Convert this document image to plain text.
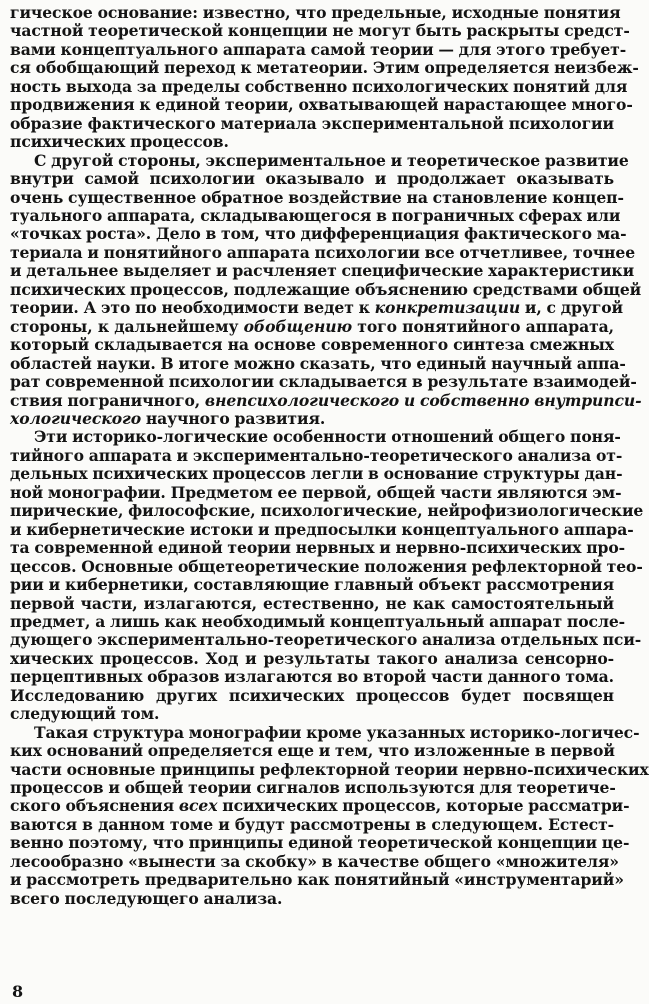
гическое основание: известно, что предельные, исходные понятия
частной теоретической концепции не могут быть раскрыты средст-
вами концептуального аппарата самой теории — для этого требует-
ся обобщающий переход к метатеории. Этим определяется неизбеж-
ность выхода за пределы собственно психологических понятий для
продвижения к единой теории, охватывающей нарастающее много-
образие фактического материала экспериментальной психологии
психических процессов.

С другой стороны, экспериментальное и теоретическое развитие
внутри самой психологии оказывало и продолжает оказывать
очень существенное обратное воздействие на становление концеп-
туального аппарата, складывающегося в пограничных сферах или
«точках роста». Дело в том, что дифференциация фактического ма-
териала и понятийного аппарата психологии все отчетливее, точнее
и детальнее выделяет и расчленяет специфические характеристики
психических процессов, подлежащие объяснению средствами общей
теории. А это по необходимости ведет к конкретизации и, с другой
стороны, к дальнейшему обобщению того понятийного аппарата,
который складывается на основе современного синтеза смежных
областей науки. В итоге можно сказать, что единый научный аппа-
рат современной психологии складывается в результате взаимодей-
ствия пограничного, внепсихологического и собственно внутрипси-
хологического научного развития.

Эти историко-логические особенности отношений общего поня-
тийного аппарата и экспериментально-теоретического анализа от-
дельных психических процессов легли в основание структуры дан-
ной монографии. Предметом ее первой, общей части являются эм-
пирические, философские, психологические, нейрофизиологические
и кибернетические истоки и предпосылки концептуального аппара-
та современной единой теории нервных и нервно-психических про-
цессов. Основные общетеоретические положения рефлекторной тео-
рии и кибернетики, составляющие главный объект рассмотрения
первой части, излагаются, естественно, не как самостоятельный
предмет, а лишь как необходимый концептуальный аппарат после-
дующего экспериментально-теоретического анализа отдельных пси-
хических процессов. Ход и результаты такого анализа сенсорно-
перцептивных образов излагаются во второй части данного тома.
Исследованию других психических процессов будет посвящен
следующий том.

Такая структура монографии кроме указанных историко-логичес-
ких оснований определяется еще и тем, что изложенные в первой
части основные принципы рефлекторной теории нервно-психических
процессов и общей теории сигналов используются для теоретиче-
ского объяснения всех психических процессов, которые рассматри-
ваются в данном томе и будут рассмотрены в следующем. Естест-
венно поэтому, что принципы единой теоретической концепции це-
лесообразно «вынести за скобку» в качестве общего «множителя»
и рассмотреть предварительно как понятийный «инструментарий»
всего последующего анализа.

8
